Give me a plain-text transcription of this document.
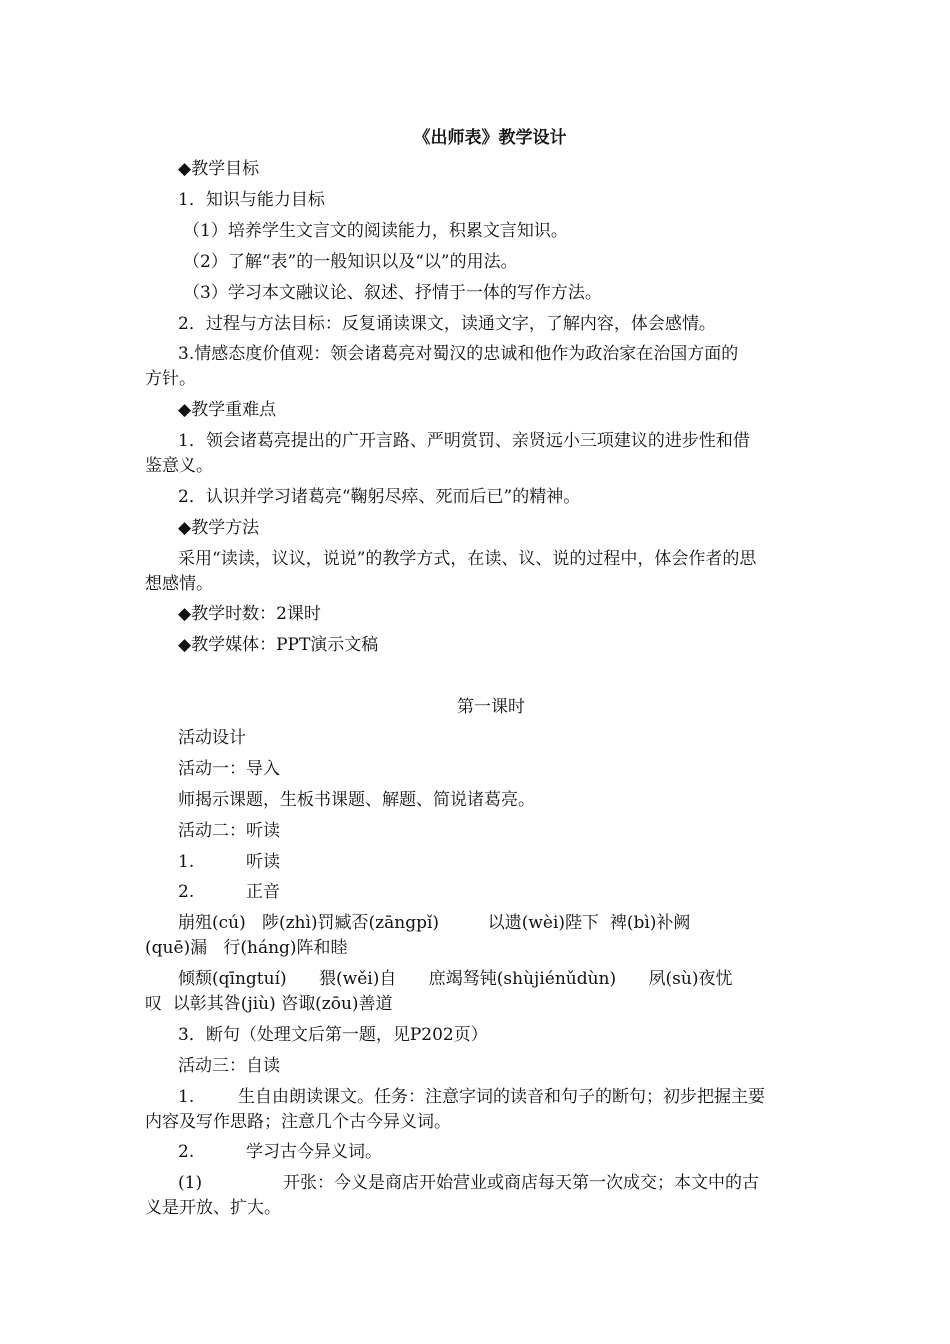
《出师表》教学设计
◆教学目标
1．知识与能力目标
（1）培养学生文言文的阅读能力，积累文言知识。
（2）了解“表”的一般知识以及“以”的用法。
（3）学习本文融议论、叙述、抒情于一体的写作方法。
2．过程与方法目标：反复诵读课文，读通文字，了解内容，体会感情。
3.情感态度价值观：领会诸葛亮对蜀汉的忠诚和他作为政治家在治国方面的
方针。
◆教学重难点
1．领会诸葛亮提出的广开言路、严明赏罚、亲贤远小三项建议的进步性和借
鉴意义。
2．认识并学习诸葛亮“鞠躬尽瘁、死而后已”的精神。
◆教学方法
采用“读读，议议，说说”的教学方式，在读、议、说的过程中，体会作者的思
想感情。
◆教学时数：2课时
◆教学媒体：PPT演示文稿
第一课时
活动设计
活动一：导入
师揭示课题，生板书课题、解题、简说诸葛亮。
活动二：听读
1.	听读
2.	正音
崩殂(cú)   陟(zhì)罚臧否(zāngpǐ)         以遗(wèi)陛下  裨(bì)补阙
(quē)漏   行(háng)阵和睦
倾颓(qīngtuí)      猥(wěi)自      庶竭驽钝(shùjiénǔdùn)      夙(sù)夜忧
叹  以彰其咎(jiù) 咨诹(zōu)善道
3．断句（处理文后第一题，见P202页）
活动三：自读
1.	生自由朗读课文。任务：注意字词的读音和句子的断句；初步把握主要
内容及写作思路；注意几个古今异义词。
2.	学习古今异义词。
(1)	开张：今义是商店开始营业或商店每天第一次成交；本文中的古
义是开放、扩大。
